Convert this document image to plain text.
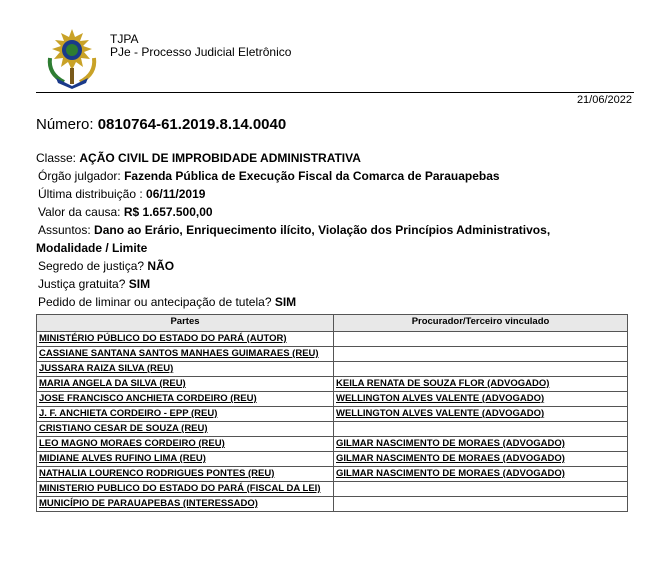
TJPA
PJe - Processo Judicial Eletrônico
21/06/2022
Número: 0810764-61.2019.8.14.0040
Classe: AÇÃO CIVIL DE IMPROBIDADE ADMINISTRATIVA
Órgão julgador: Fazenda Pública de Execução Fiscal da Comarca de Parauapebas
Última distribuição : 06/11/2019
Valor da causa: R$ 1.657.500,00
Assuntos: Dano ao Erário, Enriquecimento ilícito, Violação dos Princípios Administrativos,
Modalidade / Limite
Segredo de justiça? NÃO
Justiça gratuita? SIM
Pedido de liminar ou antecipação de tutela? SIM
Partes	Procurador/Terceiro vinculado
MINISTÉRIO PÚBLICO DO ESTADO DO PARÁ (AUTOR)	
CASSIANE SANTANA SANTOS MANHAES GUIMARAES (REU)	
JUSSARA RAIZA SILVA (REU)	
MARIA ANGELA DA SILVA (REU)	KEILA RENATA DE SOUZA FLOR (ADVOGADO)
JOSE FRANCISCO ANCHIETA CORDEIRO (REU)	WELLINGTON ALVES VALENTE (ADVOGADO)
J. F. ANCHIETA CORDEIRO - EPP (REU)	WELLINGTON ALVES VALENTE (ADVOGADO)
CRISTIANO CESAR DE SOUZA (REU)	
LEO MAGNO MORAES CORDEIRO (REU)	GILMAR NASCIMENTO DE MORAES (ADVOGADO)
MIDIANE ALVES RUFINO LIMA (REU)	GILMAR NASCIMENTO DE MORAES (ADVOGADO)
NATHALIA LOURENCO RODRIGUES PONTES (REU)	GILMAR NASCIMENTO DE MORAES (ADVOGADO)
MINISTERIO PUBLICO DO ESTADO DO PARÁ (FISCAL DA LEI)	
MUNICÍPIO DE PARAUAPEBAS (INTERESSADO)	
